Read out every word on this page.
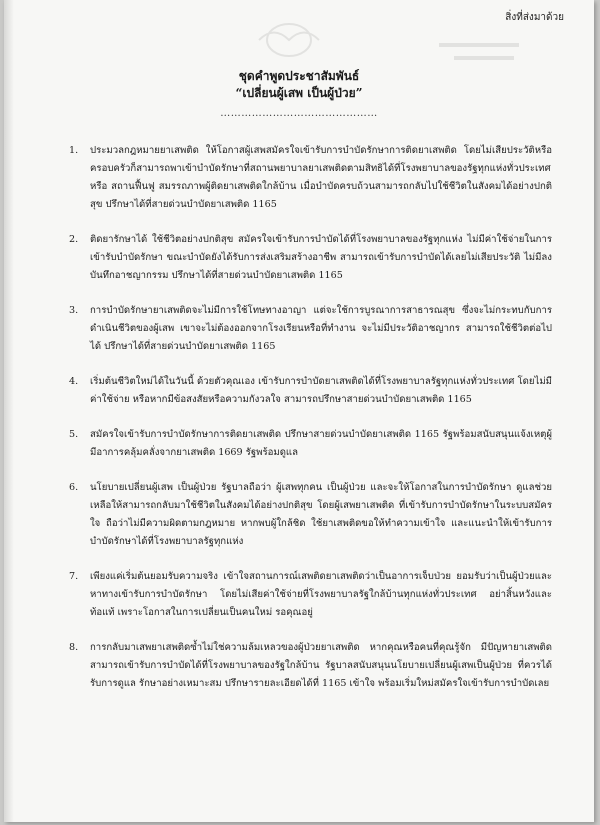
สิ่งที่ส่งมาด้วย
ชุดคำพูดประชาสัมพันธ์
“เปลี่ยนผู้เสพ เป็นผู้ป่วย”
………………………………………
1. ประมวลกฎหมายยาเสพติด ให้โอกาสผู้เสพสมัครใจเข้ารับการบำบัดรักษาการติดยาเสพติด โดยไม่เสียประวัติหรือครอบครัวก็สามารถพาเข้าบำบัดรักษาที่สถานพยาบาลยาเสพติดตามสิทธิได้ที่โรงพยาบาลของรัฐทุกแห่งทั่วประเทศ หรือ สถานฟื้นฟู สมรรถภาพผู้ติดยาเสพติดใกล้บ้าน เมื่อบำบัดครบถ้วนสามารถกลับไปใช้ชีวิตในสังคมได้อย่างปกติสุข ปรึกษาได้ที่สายด่วนบำบัดยาเสพติด 1165
2. ติดยารักษาได้ ใช้ชีวิตอย่างปกติสุข สมัครใจเข้ารับการบำบัดได้ที่โรงพยาบาลของรัฐทุกแห่ง ไม่มีค่าใช้จ่ายในการเข้ารับบำบัดรักษา ขณะบำบัดยังได้รับการส่งเสริมสร้างอาชีพ สามารถเข้ารับการบำบัดได้เลยไม่เสียประวัติ ไม่มีลงบันทึกอาชญากรรม ปรึกษาได้ที่สายด่วนบำบัดยาเสพติด 1165
3. การบำบัดรักษายาเสพติดจะไม่มีการใช้โทษทางอาญา แต่จะใช้การบูรณาการสาธารณสุข ซึ่งจะไม่กระทบกับการดำเนินชีวิตของผู้เสพ เขาจะไม่ต้องออกจากโรงเรียนหรือที่ทำงาน จะไม่มีประวัติอาชญากร สามารถใช้ชีวิตต่อไปได้ ปรึกษาได้ที่สายด่วนบำบัดยาเสพติด 1165
4. เริ่มต้นชีวิตใหม่ได้ในวันนี้ ด้วยตัวคุณเอง เข้ารับการบำบัดยาเสพติดได้ที่โรงพยาบาลรัฐทุกแห่งทั่วประเทศ โดยไม่มีค่าใช้จ่าย หรือหากมีข้อสงสัยหรือความกังวลใจ สามารถปรึกษาสายด่วนบำบัดยาเสพติด 1165
5. สมัครใจเข้ารับการบำบัดรักษาการติดยาเสพติด ปรึกษาสายด่วนบำบัดยาเสพติด 1165 รัฐพร้อมสนับสนุนแจ้งเหตุผู้มีอาการคลุ้มคลั่งจากยาเสพติด 1669 รัฐพร้อมดูแล
6. นโยบายเปลี่ยนผู้เสพ เป็นผู้ป่วย รัฐบาลถือว่า ผู้เสพทุกคน เป็นผู้ป่วย และจะให้โอกาสในการบำบัดรักษา ดูแลช่วยเหลือให้สามารถกลับมาใช้ชีวิตในสังคมได้อย่างปกติสุข โดยผู้เสพยาเสพติด ที่เข้ารับการบำบัดรักษาในระบบสมัครใจ ถือว่าไม่มีความผิดตามกฎหมาย หากพบผู้ใกล้ชิด ใช้ยาเสพติดขอให้ทำความเข้าใจ และแนะนำให้เข้ารับการบำบัดรักษาได้ที่โรงพยาบาลรัฐทุกแห่ง
7. เพียงแค่เริ่มต้นยอมรับความจริง เข้าใจสถานการณ์เสพติดยาเสพติดว่าเป็นอาการเจ็บป่วย ยอมรับว่าเป็นผู้ป่วยและหาทางเข้ารับการบำบัดรักษา โดยไม่เสียค่าใช้จ่ายที่โรงพยาบาลรัฐใกล้บ้านทุกแห่งทั่วประเทศ อย่าสิ้นหวังและท้อแท้ เพราะโอกาสในการเปลี่ยนเป็นคนใหม่ รอคุณอยู่
8. การกลับมาเสพยาเสพติดซ้ำไม่ใช่ความล้มเหลวของผู้ป่วยยาเสพติด หากคุณหรือคนที่คุณรู้จัก มีปัญหายาเสพติดสามารถเข้ารับการบำบัดได้ที่โรงพยาบาลของรัฐใกล้บ้าน รัฐบาลสนับสนุนนโยบายเปลี่ยนผู้เสพเป็นผู้ป่วย ที่ควรได้รับการดูแล รักษาอย่างเหมาะสม ปรึกษารายละเอียดได้ที่ 1165 เข้าใจ พร้อมเริ่มใหม่สมัครใจเข้ารับการบำบัดเลย
